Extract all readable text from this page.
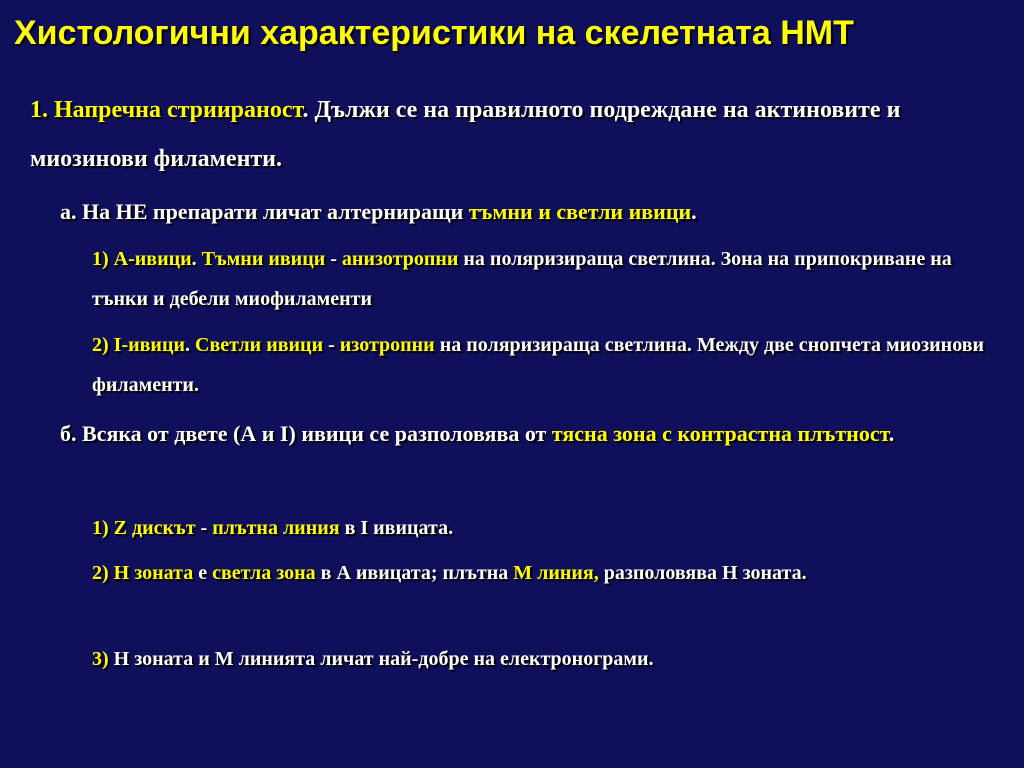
Хистологични характеристики на скелетната НМТ
1. Напречна стриираност. Дължи се на правилното подреждане на актиновите и миозинови филаменти.
а. На НЕ препарати личат алтерниращи тъмни и светли ивици.
1) А-ивици. Тъмни ивици - анизотропни на поляризираща светлина. Зона на припокриване на тънки и дебели миофиламенти
2) I-ивици. Светли ивици - изотропни на поляризираща светлина. Между две снопчета миозинови филаменти.
б. Всяка от двете (А и I) ивици се разполовява от тясна зона с контрастна плътност.
1) Z дискът - плътна линия в I ивицата.
2) Н зоната е светла зона в А ивицата; плътна М линия, разполовява Н зоната.
3) Н зоната и М линията личат най-добре на електронограми.
